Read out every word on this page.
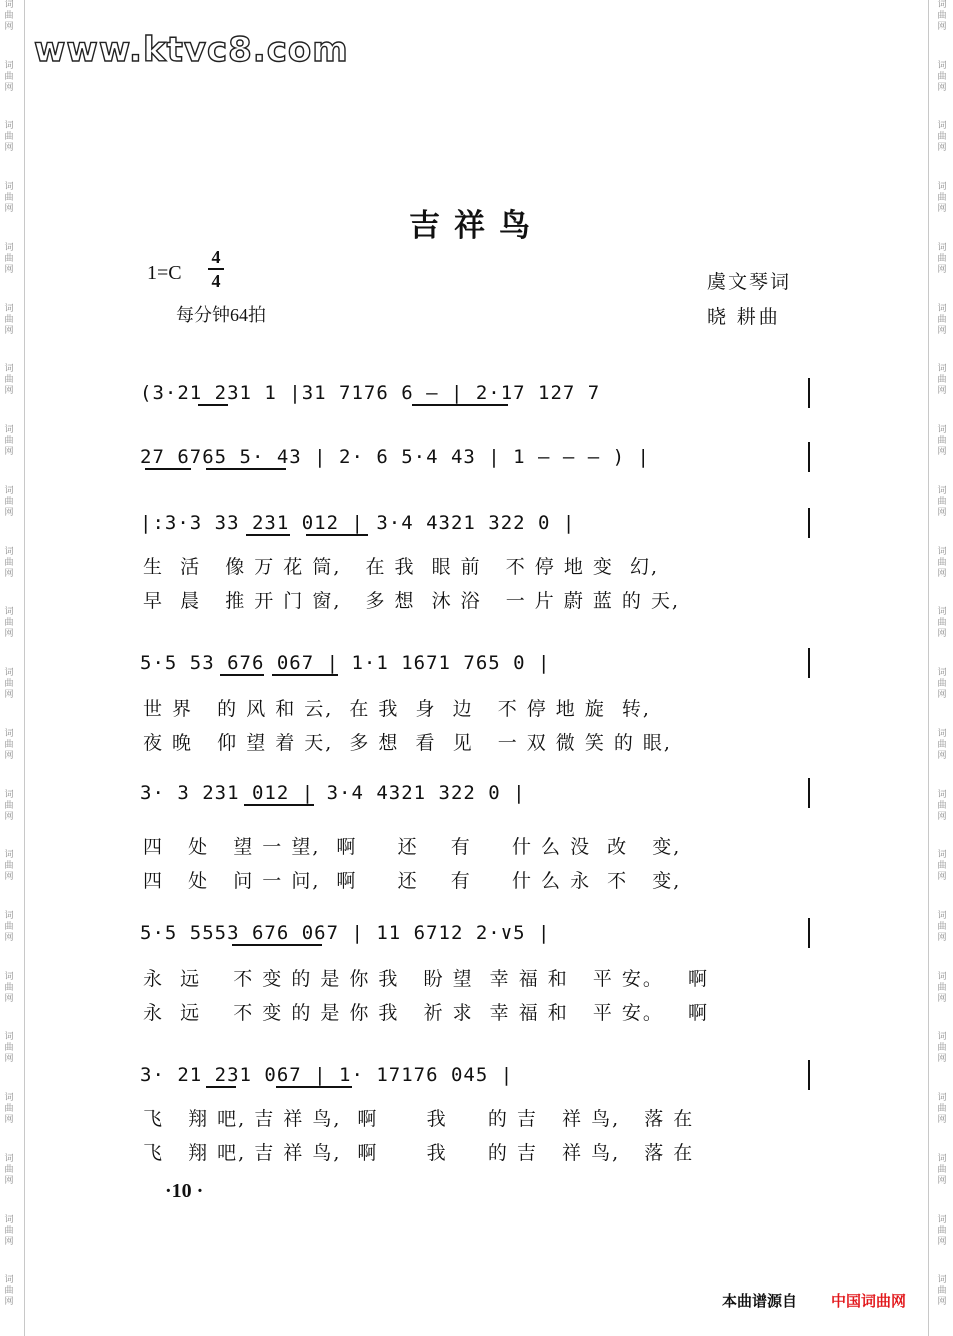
词
曲
网
词
曲
网
词
曲
网
词
曲
网
词
曲
网
词
曲
网
词
曲
网
词
曲
网
词
曲
网
词
曲
网
词
曲
网
词
曲
网
词
曲
网
词
曲
网
词
曲
网
词
曲
网
词
曲
网
词
曲
网
词
曲
网
词
曲
网
词
曲
网
词
曲
网
词
曲
网
词
曲
网
词
曲
网
词
曲
网
词
曲
网
词
曲
网
词
曲
网
词
曲
网
词
曲
网
词
曲
网
词
曲
网
词
曲
网
词
曲
网
词
曲
网
词
曲
网
词
曲
网
词
曲
网
词
曲
网
词
曲
网
词
曲
网
词
曲
网
词
曲
网
www.ktvc8.com
吉祥鸟
1=C
4
4
每分钟64拍
虞文琴词
晓 耕曲
(3·21 231 1 |31 7176 6 – | 2·17 127 7
27 6765 5· 43 | 2· 6 5·4 43 | 1 – – – ) |
|:3·3 33 231 012 | 3·4 4321 322 0 |
生  活   像 万 花 筒,   在 我  眼 前   不 停 地 变  幻,
早  晨   推 开 门 窗,   多 想  沐 浴   一 片 蔚 蓝 的 天,
5·5 53 676 067 | 1·1 1671 765 0 |
世 界   的 风 和 云,  在 我  身  边   不 停 地 旋  转,
夜 晚   仰 望 着 天,  多 想  看  见   一 双 微 笑 的 眼,
3· 3 231 012 | 3·4 4321 322 0 |
四   处   望 一 望,  啊     还    有     什 么 没  改   变,
四   处   问 一 问,  啊     还    有     什 么 永  不   变,
5·5 5553 676 067 | 11 6712 2·∨5 |
永  远    不 变 的 是 你 我   盼 望  幸 福 和   平 安。   啊
永  远    不 变 的 是 你 我   祈 求  幸 福 和   平 安。   啊
3· 21 231 067 | 1· 17176 045 |
飞   翔 吧, 吉 祥 鸟,  啊      我     的 吉   祥 鸟,   落 在
飞   翔 吧, 吉 祥 鸟,  啊      我     的 吉   祥 鸟,   落 在
·10 ·
本曲谱源自 中国词曲网
